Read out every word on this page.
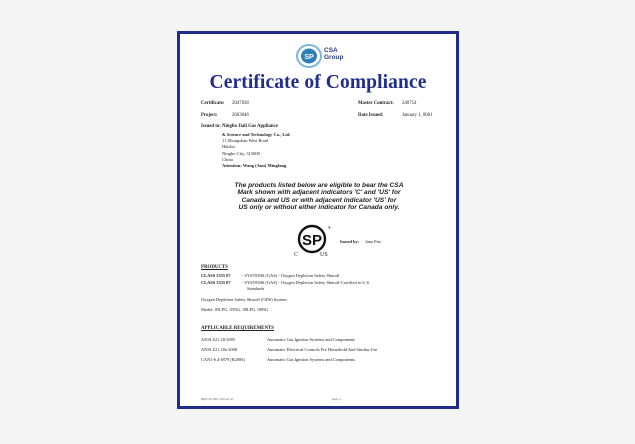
SP
CSA
Group
Certificate of Compliance
Certificate: 2047838	Master Contract: 240754
Project:	2603846	Date Issued:	January 1, 0001
Issued to: Ningbo Jiali Gas Appliance
& Science and Technology Co., Ltd.
11 Zhongshan West Road
Haishu
Ningbo City, 315000
China
Attention: Wang (Ann) Mingfang
The products listed below are eligible to bear the CSA
Mark shown with adjacent indicators 'C' and 'US' for
Canada and US or with adjacent indicator 'US' for
US only or without either indicator for Canada only.
SP
®
C	US
Issued by: June Pan
PRODUCTS
CLASS 3335 07	- SYSTEMS (GAS) - Oxygen Depletion Safety Shutoff
CLASS 3335 87	- SYSTEMS (GAS) - Oxygen Depletion Safety Shutoff-Certified to U.S.
Standards
Oxygen Depletion Safety Shutoff (ODS) System
Model: 05LPG, 05NG, 08LPG, 08NG
APPLICABLE REQUIREMENTS
ANSI Z21.20-2005	Automatic Gas Ignition Systems and Components
ANSI Z21.20a-2008	Automatic Electrical Controls For Household And Similar Use
CAN1-6.4-M79 (R2006)	Automatic Gas Ignition Systems and Components
DQD 507 Rev. 2013-01-21	Page: 1
